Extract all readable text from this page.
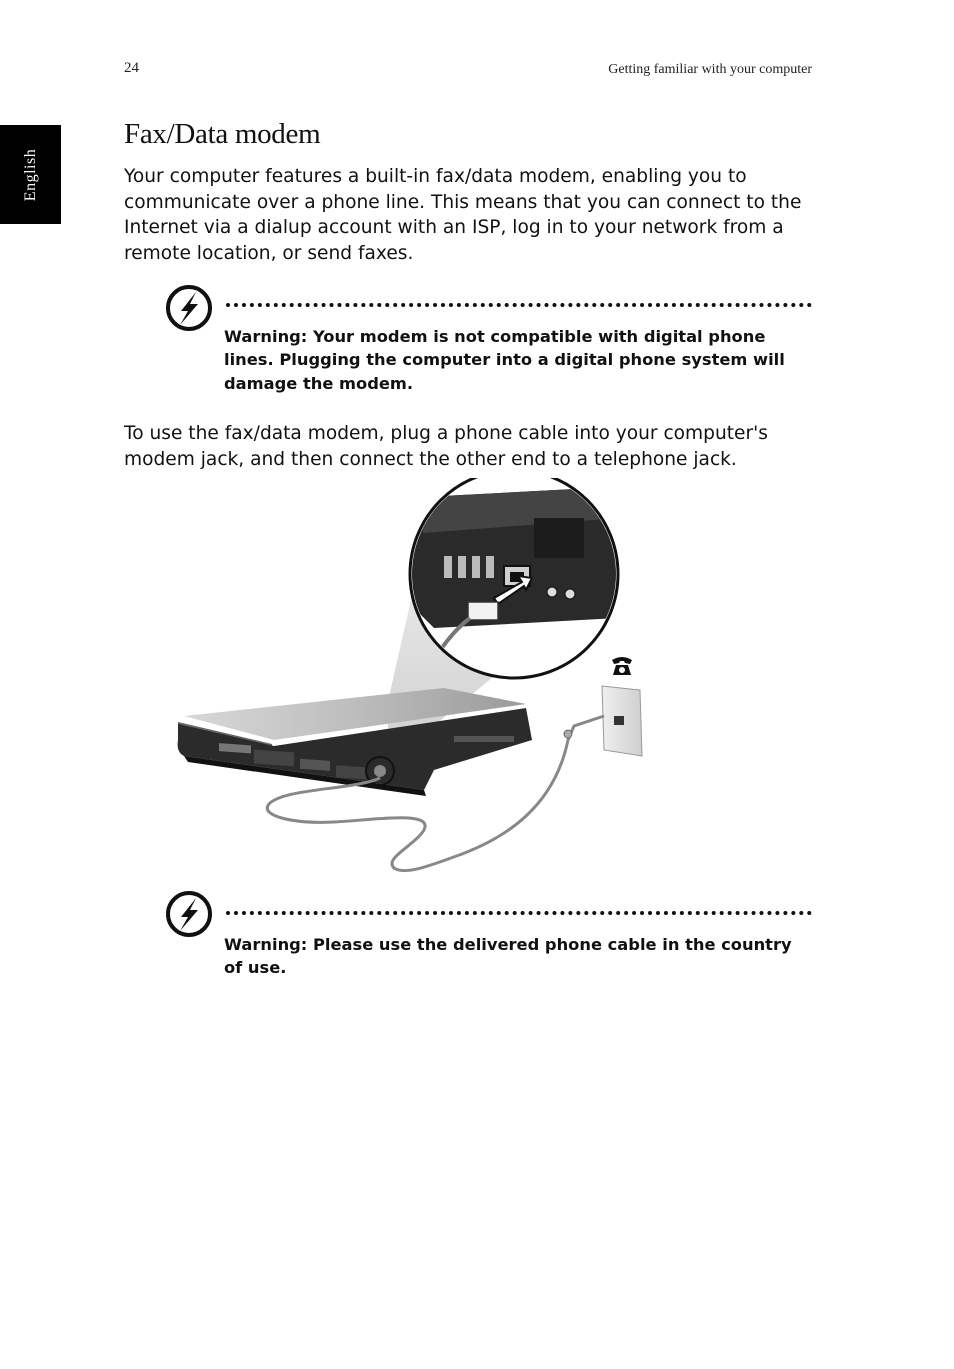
24	Getting familiar with your computer
English
Fax/Data modem

Your computer features a built-in fax/data modem, enabling you to communicate over a phone line. This means that you can connect to the Internet via a dialup account with an ISP, log in to your network from a remote location, or send faxes.

Warning: Your modem is not compatible with digital phone lines. Plugging the computer into a digital phone system will damage the modem.

To use the fax/data modem, plug a phone cable into your computer's modem jack, and then connect the other end to a telephone jack.

Warning: Please use the delivered phone cable in the country of use.
